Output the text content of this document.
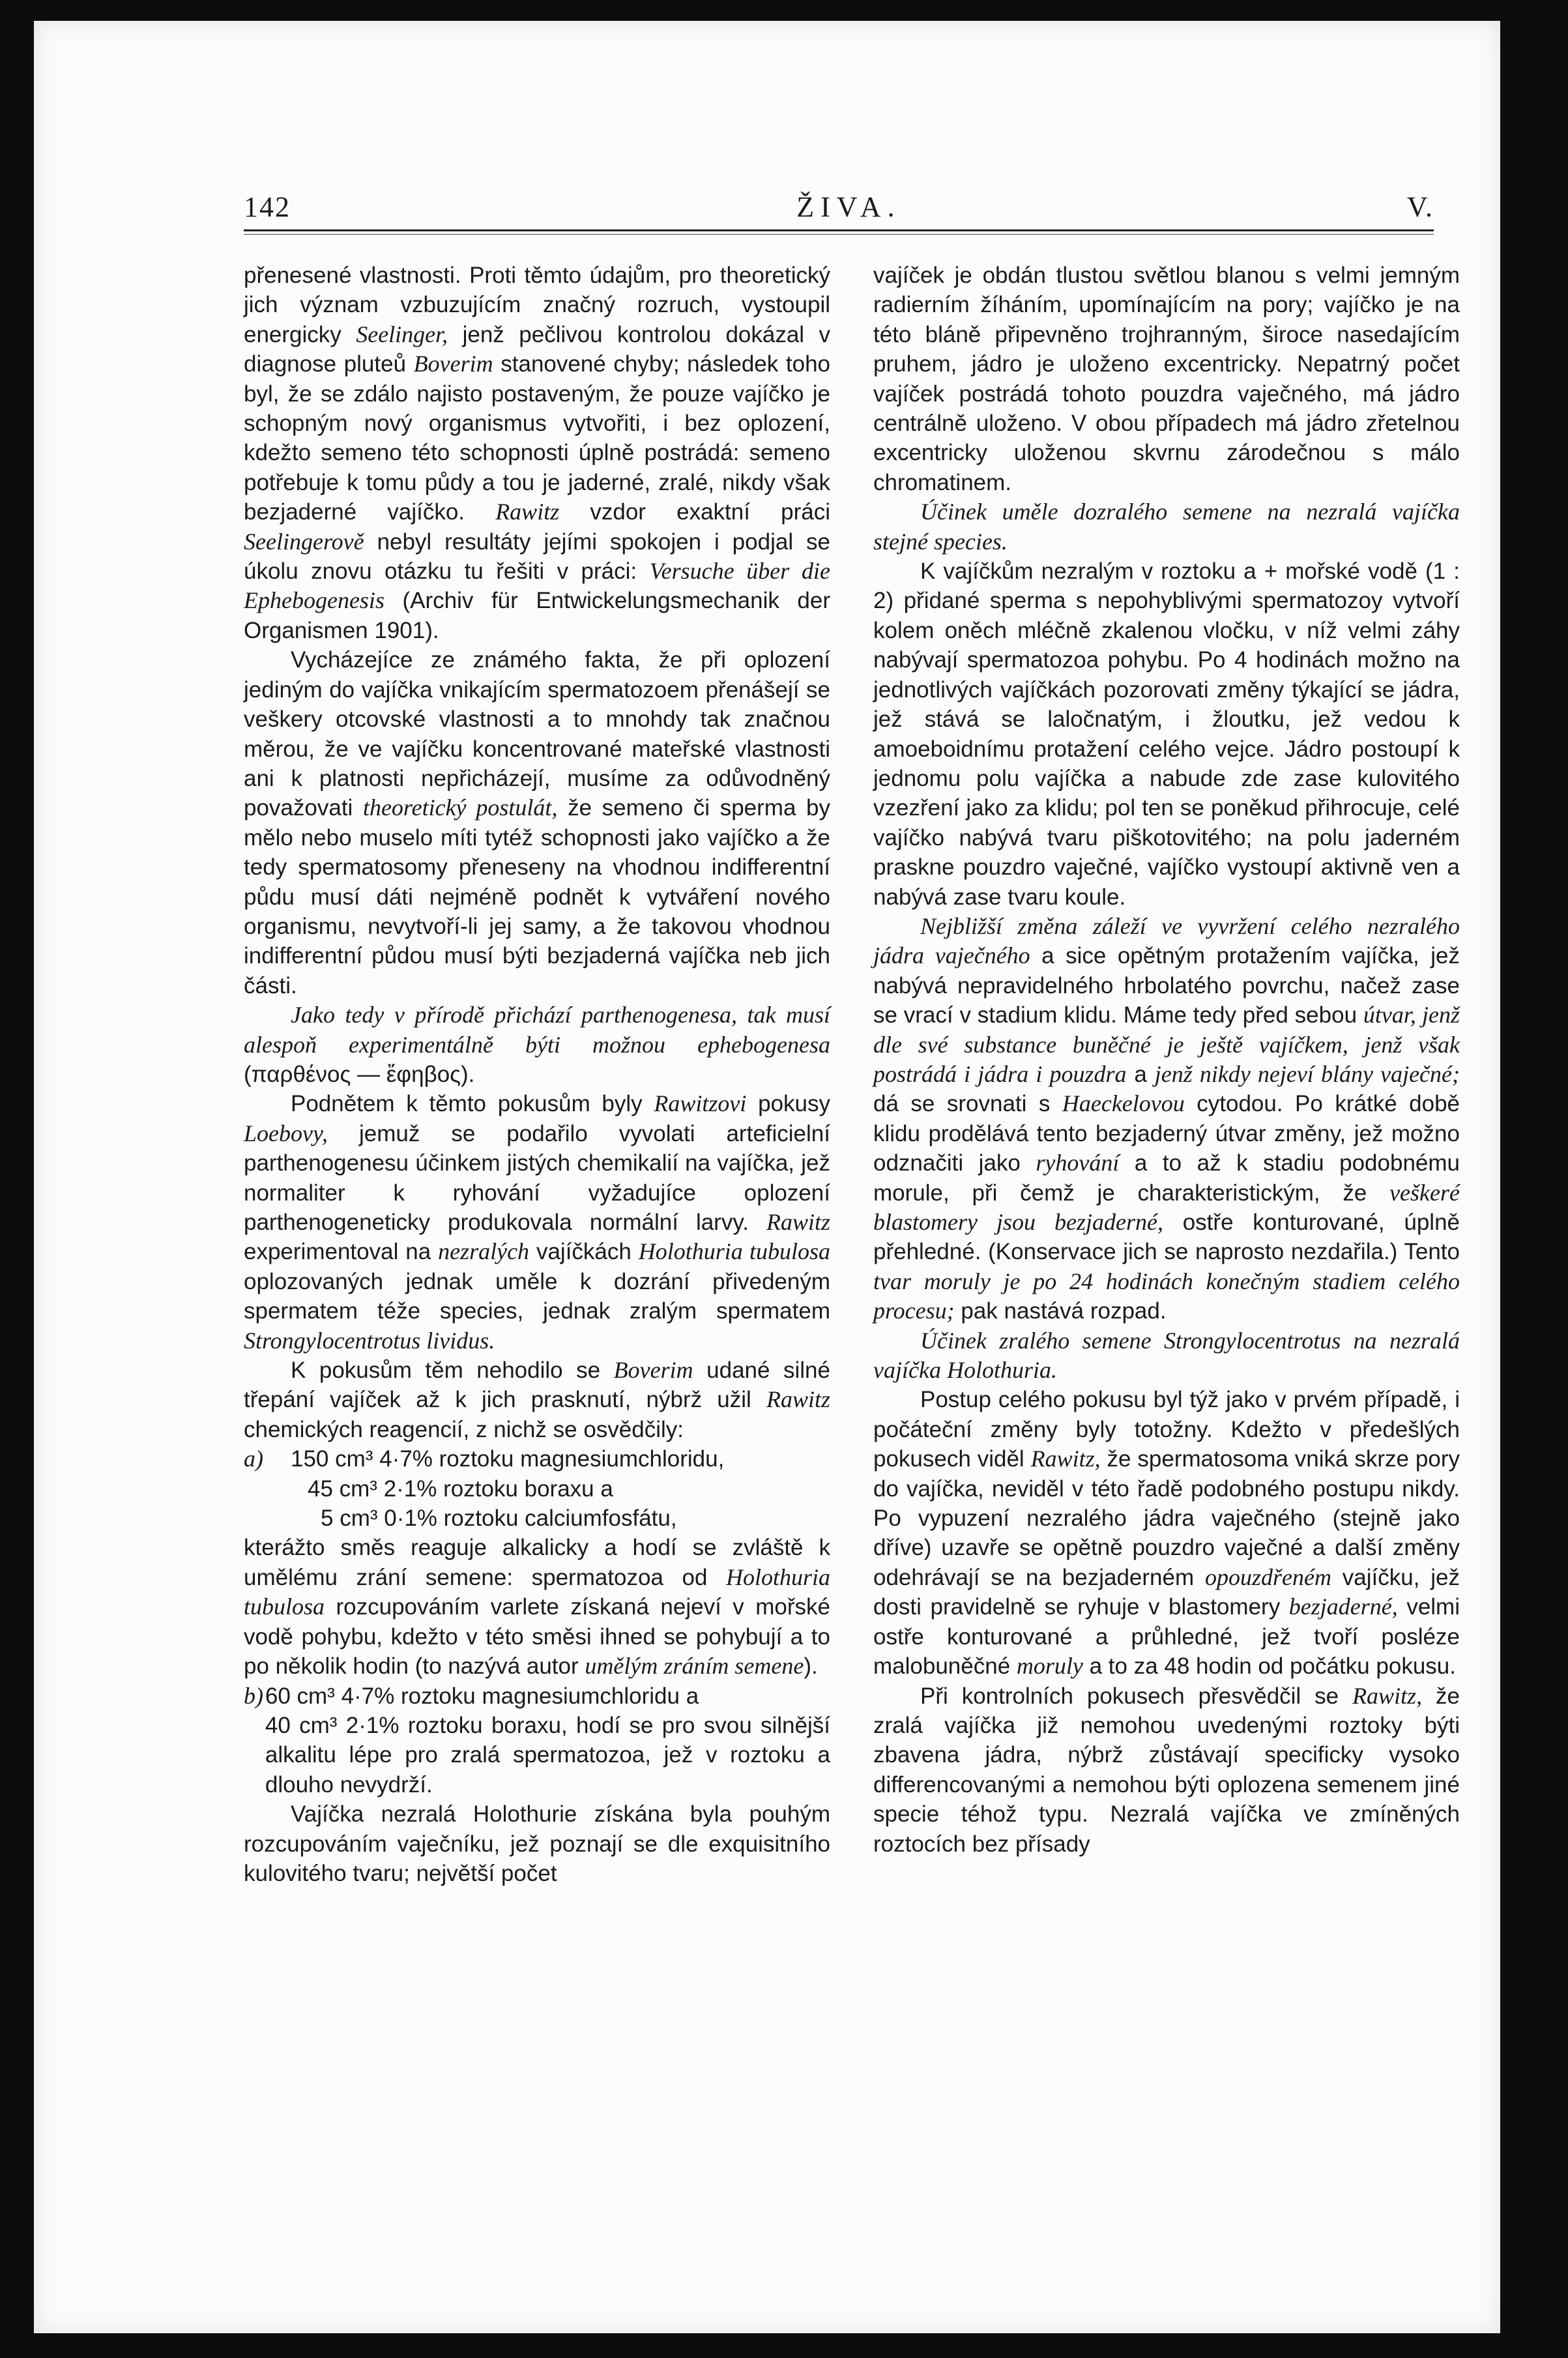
142	ŽIVA.	V.

přenesené vlastnosti. Proti těmto údajům, pro theoretický jich význam vzbuzujícím značný rozruch, vystoupil energicky Seelinger, jenž pečlivou kontrolou dokázal v diagnose pluteů Boverim stanovené chyby; následek toho byl, že se zdálo najisto postaveným, že pouze vajíčko je schopným nový organismus vytvořiti, i bez oplození, kdežto semeno této schopnosti úplně postrádá: semeno potřebuje k tomu půdy a tou je jaderné, zralé, nikdy však bezjaderné vajíčko. Rawitz vzdor exaktní práci Seelingerově nebyl resultáty jejími spokojen i podjal se úkolu znovu otázku tu řešiti v práci: Versuche über die Ephebogenesis (Archiv für Entwickelungsmechanik der Organismen 1901).

Vycházejíce ze známého fakta, že při oplození jediným do vajíčka vnikajícím spermatozoem přenášejí se veškery otcovské vlastnosti a to mnohdy tak značnou měrou, že ve vajíčku koncentrované mateřské vlastnosti ani k platnosti nepřicházejí, musíme za odůvodněný považovati theoretický postulát, že semeno či sperma by mělo nebo muselo míti tytéž schopnosti jako vajíčko a že tedy spermatosomy přeneseny na vhodnou indifferentní půdu musí dáti nejméně podnět k vytváření nového organismu, nevytvoří-li jej samy, a že takovou vhodnou indifferentní půdou musí býti bezjaderná vajíčka neb jich části.

Jako tedy v přírodě přichází parthenogenesa, tak musí alespoň experimentálně býti možnou ephebogenesa (παρθένος — ἔφηβος).

Podnětem k těmto pokusům byly Rawitzovi pokusy Loebovy, jemuž se podařilo vyvolati arteficielní parthenogenesu účinkem jistých chemikalií na vajíčka, jež normaliter k ryhování vyžadujíce oplození parthenogeneticky produkovala normální larvy. Rawitz experimentoval na nezralých vajíčkách Holothuria tubulosa oplozovaných jednak uměle k dozrání přivedeným spermatem téže species, jednak zralým spermatem Strongylocentrotus lividus.

K pokusům těm nehodilo se Boverim udané silné třepání vajíček až k jich prasknutí, nýbrž užil Rawitz chemických reagencií, z nichž se osvědčily:

a)	150 cm³ 4·7% roztoku magnesiumchloridu,
45 cm³ 2·1% roztoku boraxu a
5 cm³ 0·1% roztoku calciumfosfátu,

kterážto směs reaguje alkalicky a hodí se zvláště k umělému zrání semene: spermatozoa od Holothuria tubulosa rozcupováním varlete získaná nejeví v mořské vodě pohybu, kdežto v této směsi ihned se pohybují a to po několik hodin (to nazývá autor umělým zráním semene).

b) 60 cm³ 4·7% roztoku magnesiumchloridu a
40 cm³ 2·1% roztoku boraxu, hodí se pro svou silnější alkalitu lépe pro zralá spermatozoa, jež v roztoku a dlouho nevydrží.

Vajíčka nezralá Holothurie získána byla pouhým rozcupováním vaječníku, jež poznají se dle exquisitního kulovitého tvaru; největší počet

vajíček je obdán tlustou světlou blanou s velmi jemným radierním žíháním, upomínajícím na pory; vajíčko je na této bláně připevněno trojhranným, široce nasedajícím pruhem, jádro je uloženo excentricky. Nepatrný počet vajíček postrádá tohoto pouzdra vaječného, má jádro centrálně uloženo. V obou případech má jádro zřetelnou excentricky uloženou skvrnu zárodečnou s málo chromatinem.

Účinek uměle dozralého semene na nezralá vajíčka stejné species.

K vajíčkům nezralým v roztoku a + mořské vodě (1 : 2) přidané sperma s nepohyblivými spermatozoy vytvoří kolem oněch mléčně zkalenou vločku, v níž velmi záhy nabývají spermatozoa pohybu. Po 4 hodinách možno na jednotlivých vajíčkách pozorovati změny týkající se jádra, jež stává se laločnatým, i žloutku, jež vedou k amoeboidnímu protažení celého vejce. Jádro postoupí k jednomu polu vajíčka a nabude zde zase kulovitého vzezření jako za klidu; pol ten se poněkud přihrocuje, celé vajíčko nabývá tvaru piškotovitého; na polu jaderném praskne pouzdro vaječné, vajíčko vystoupí aktivně ven a nabývá zase tvaru koule.

Nejbližší změna záleží ve vyvržení celého nezralého jádra vaječného a sice opětným protažením vajíčka, jež nabývá nepravidelného hrbolatého povrchu, načež zase se vrací v stadium klidu. Máme tedy před sebou útvar, jenž dle své substance buněčné je ještě vajíčkem, jenž však postrádá i jádra i pouzdra a jenž nikdy nejeví blány vaječné; dá se srovnati s Haeckelovou cytodou. Po krátké době klidu prodělává tento bezjaderný útvar změny, jež možno odznačiti jako ryhování a to až k stadiu podobnému morule, při čemž je charakteristickým, že veškeré blastomery jsou bezjaderné, ostře konturované, úplně přehledné. (Konservace jich se naprosto nezdařila.) Tento tvar moruly je po 24 hodinách konečným stadiem celého procesu; pak nastává rozpad.

Účinek zralého semene Strongylocentrotus na nezralá vajíčka Holothuria.

Postup celého pokusu byl týž jako v prvém případě, i počáteční změny byly totožny. Kdežto v předešlých pokusech viděl Rawitz, že spermatosoma vniká skrze pory do vajíčka, neviděl v této řadě podobného postupu nikdy. Po vypuzení nezralého jádra vaječného (stejně jako dříve) uzavře se opětně pouzdro vaječné a další změny odehrávají se na bezjaderném opouzdřeném vajíčku, jež dosti pravidelně se ryhuje v blastomery bezjaderné, velmi ostře konturované a průhledné, jež tvoří posléze malobuněčné moruly a to za 48 hodin od počátku pokusu.

Při kontrolních pokusech přesvědčil se Rawitz, že zralá vajíčka již nemohou uvedenými roztoky býti zbavena jádra, nýbrž zůstávají specificky vysoko differencovanými a nemohou býti oplozena semenem jiné specie téhož typu. Nezralá vajíčka ve zmíněných roztocích bez přísady
